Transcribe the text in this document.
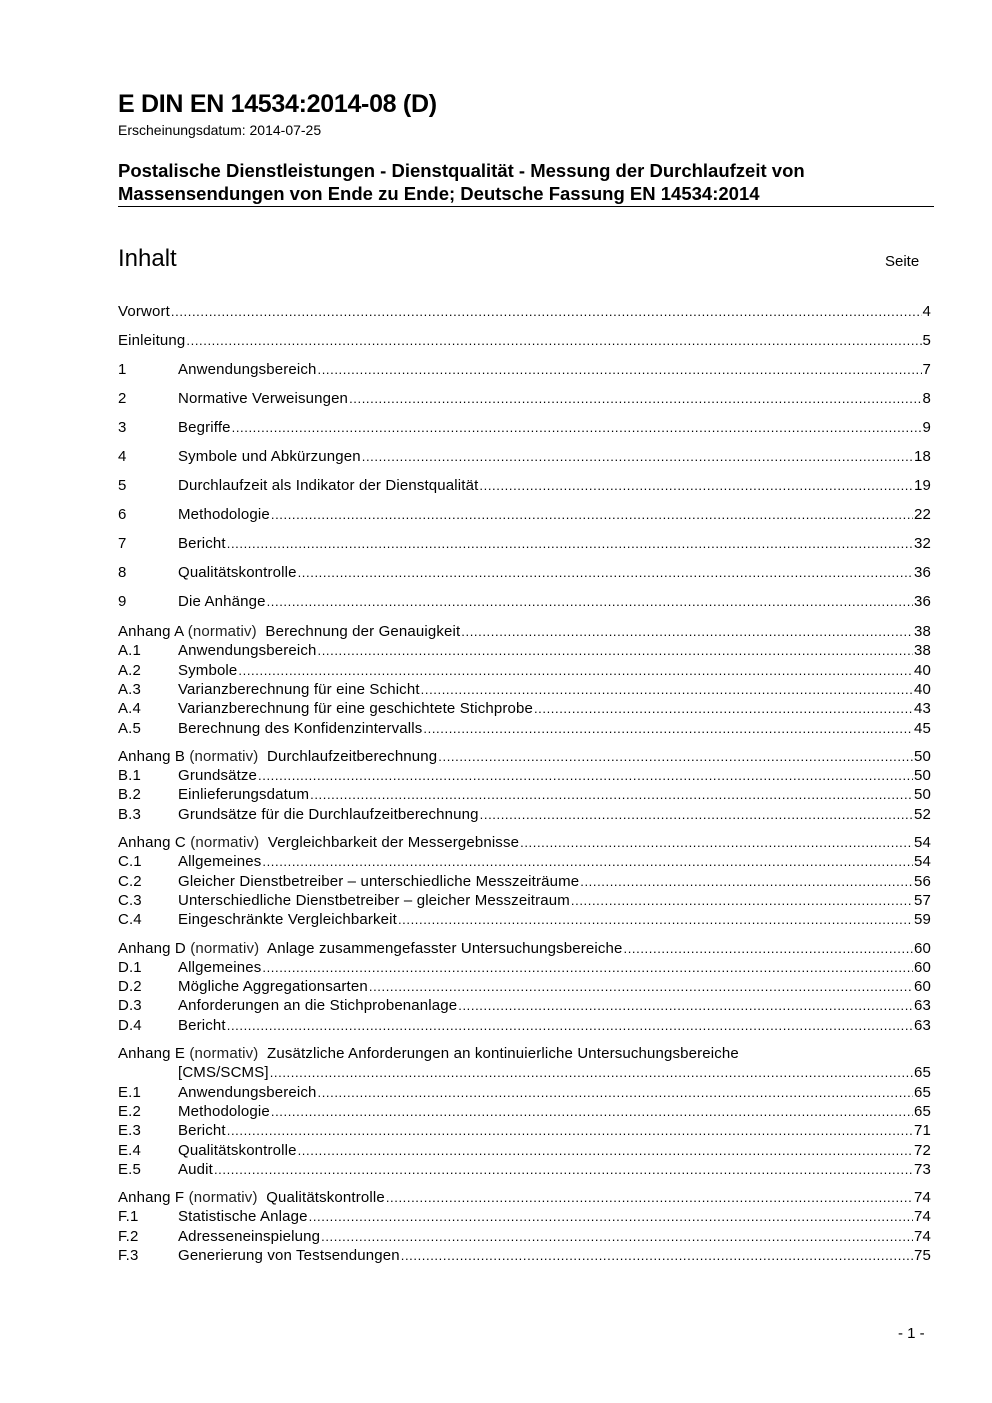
E DIN EN 14534:2014-08 (D)
Erscheinungsdatum: 2014-07-25
Postalische Dienstleistungen - Dienstqualität - Messung der Durchlaufzeit von
Massensendungen von Ende zu Ende; Deutsche Fassung EN 14534:2014
Inhalt	Seite
Vorwort .....	4
Einleitung .....	5
1	Anwendungsbereich .....	7
2	Normative Verweisungen .....	8
3	Begriffe .....	9
4	Symbole und Abkürzungen .....	18
5	Durchlaufzeit als Indikator der Dienstqualität .....	19
6	Methodologie .....	22
7	Bericht .....	32
8	Qualitätskontrolle .....	36
9	Die Anhänge .....	36
Anhang A (normativ)  Berechnung der Genauigkeit .....	38
A.1	Anwendungsbereich .....	38
A.2	Symbole .....	40
A.3	Varianzberechnung für eine Schicht .....	40
A.4	Varianzberechnung für eine geschichtete Stichprobe .....	43
A.5	Berechnung des Konfidenzintervalls .....	45
Anhang B (normativ)  Durchlaufzeitberechnung .....	50
B.1	Grundsätze .....	50
B.2	Einlieferungsdatum .....	50
B.3	Grundsätze für die Durchlaufzeitberechnung .....	52
Anhang C (normativ)  Vergleichbarkeit der Messergebnisse .....	54
C.1	Allgemeines .....	54
C.2	Gleicher Dienstbetreiber – unterschiedliche Messzeiträume .....	56
C.3	Unterschiedliche Dienstbetreiber – gleicher Messzeitraum .....	57
C.4	Eingeschränkte Vergleichbarkeit .....	59
Anhang D (normativ)  Anlage zusammengefasster Untersuchungsbereiche .....	60
D.1	Allgemeines .....	60
D.2	Mögliche Aggregationsarten .....	60
D.3	Anforderungen an die Stichprobenanlage .....	63
D.4	Bericht .....	63
Anhang E (normativ)  Zusätzliche Anforderungen an kontinuierliche Untersuchungsbereiche
[CMS/SCMS] .....	65
E.1	Anwendungsbereich .....	65
E.2	Methodologie .....	65
E.3	Bericht .....	71
E.4	Qualitätskontrolle .....	72
E.5	Audit .....	73
Anhang F (normativ)  Qualitätskontrolle .....	74
F.1	Statistische Anlage .....	74
F.2	Adresseneinspielung .....	74
F.3	Generierung von Testsendungen .....	75
- 1 -
